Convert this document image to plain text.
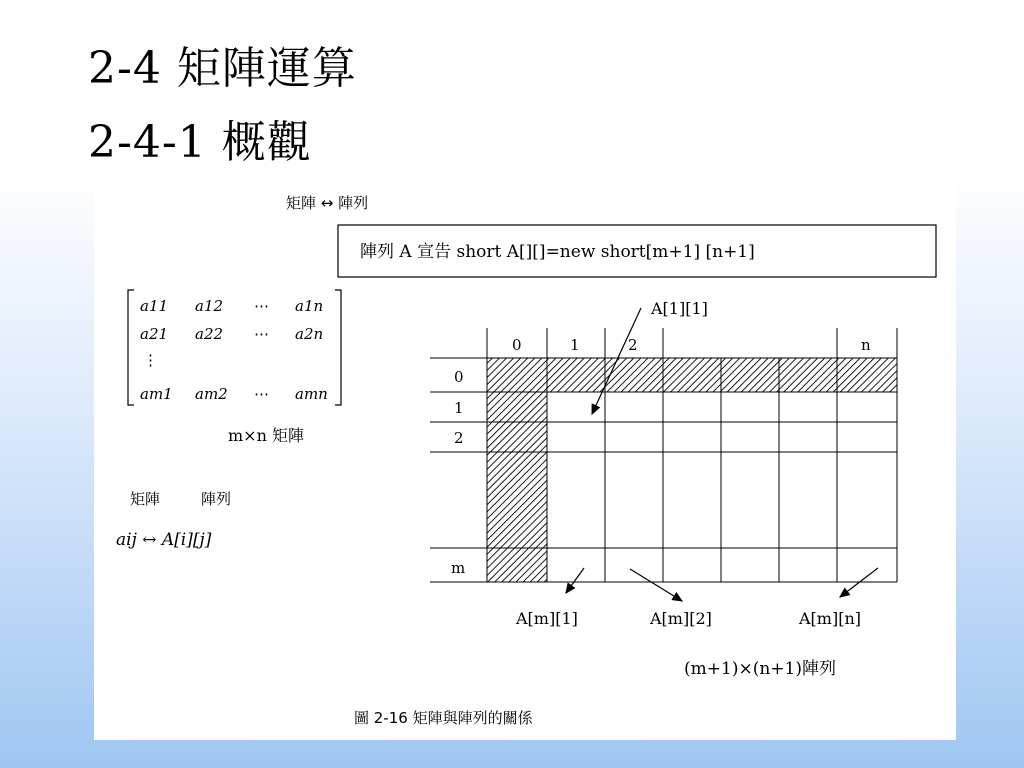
2-4 矩陣運算
2-4-1 概觀
矩陣 ↔ 陣列
陣列 A 宣告 short A[][]=new short[m+1] [n+1]
a11 a12 ⋯ a1n
a21 a22 ⋯ a2n
⋮
am1 am2 ⋯ amn
m×n 矩陣
矩陣	陣列
aij ↔ A[i][j]
0	1	2	n
0
1
2
m
A[1][1]
A[m][1]	A[m][2]	A[m][n]
(m+1)×(n+1)陣列
圖 2-16 矩陣與陣列的關係
